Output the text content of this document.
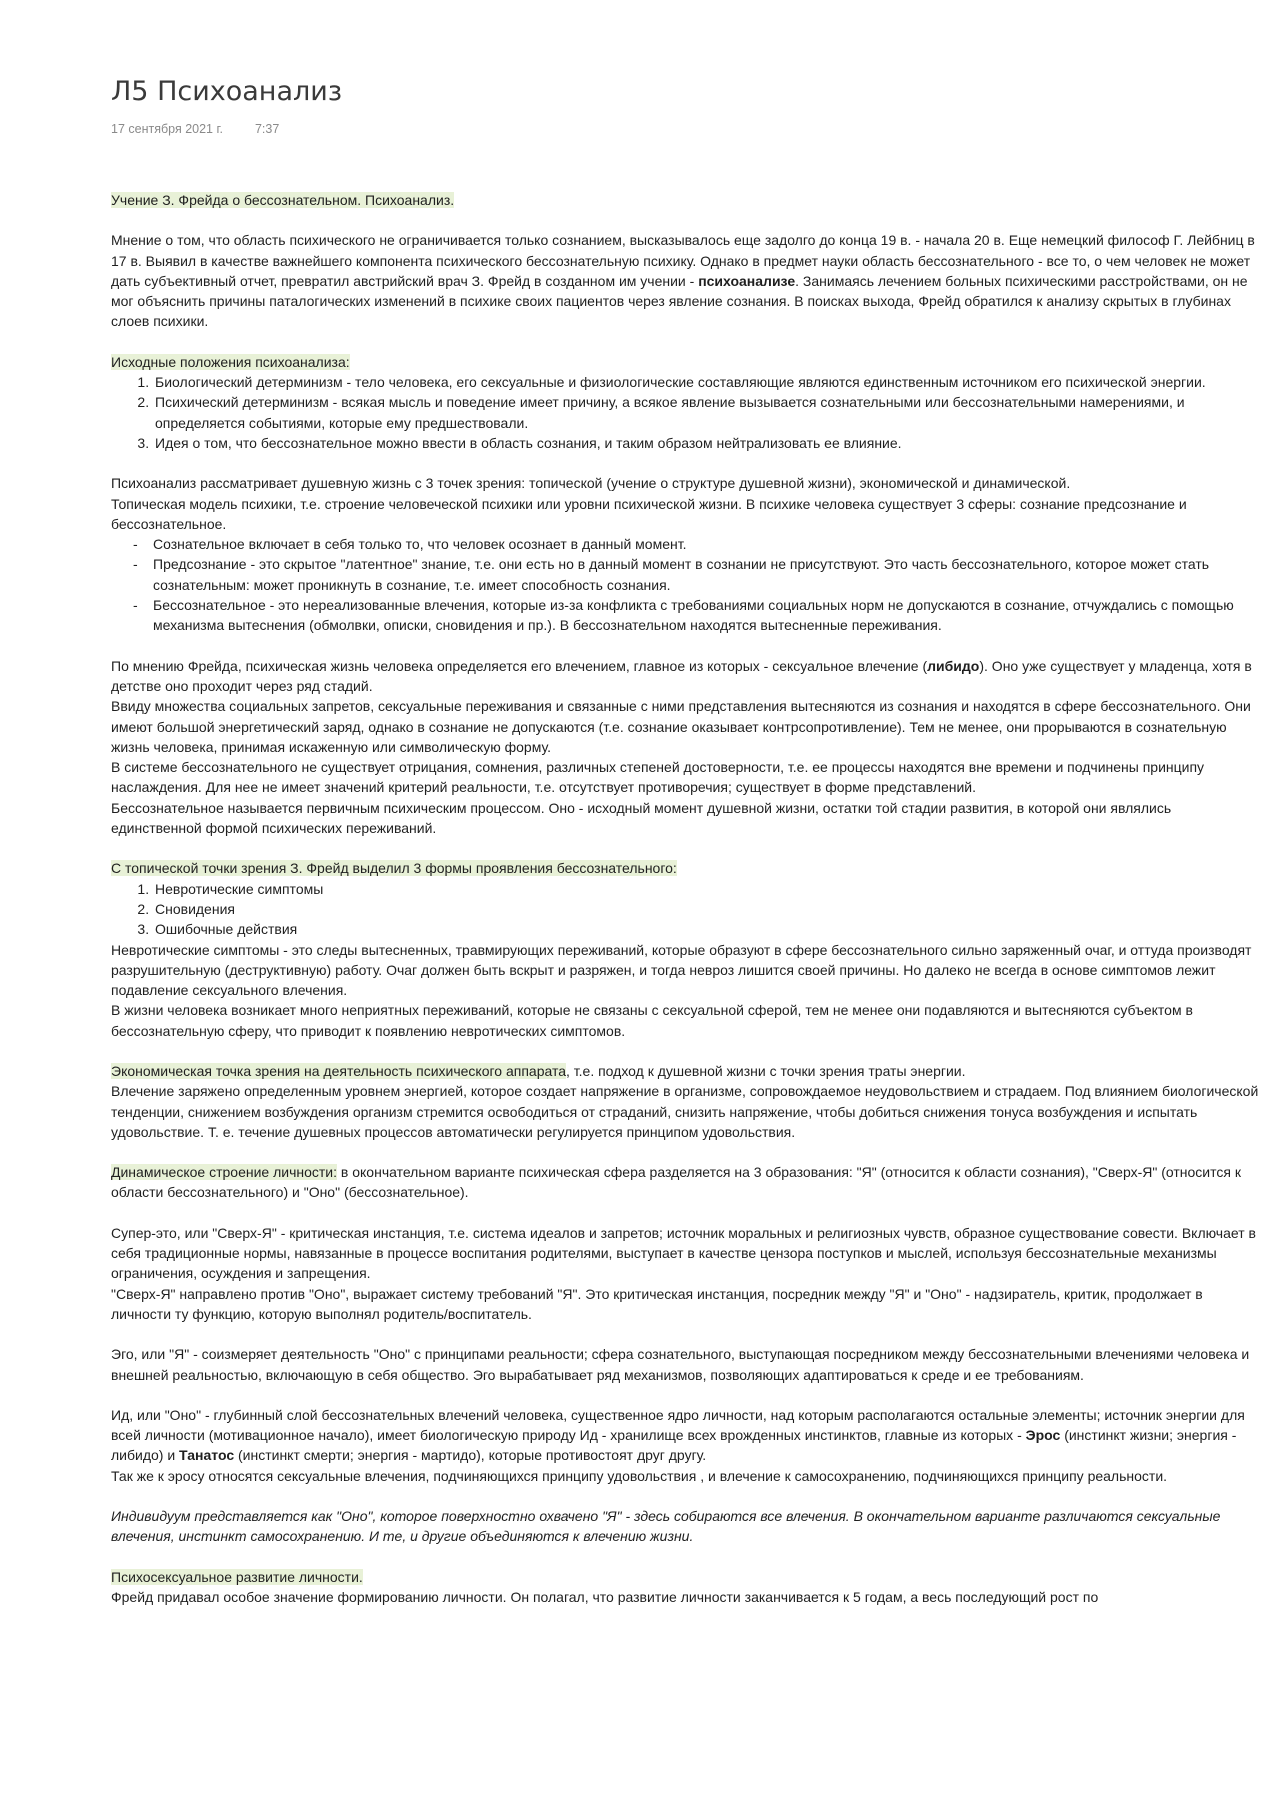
Л5 Психоанализ
17 сентября 2021 г.	7:37

Учение З. Фрейда о бессознательном. Психоанализ.

Мнение о том, что область психического не ограничивается только сознанием, высказывалось еще задолго до конца 19 в. - начала 20 в. Еще немецкий философ Г. Лейбниц в 17 в. Выявил в качестве важнейшего компонента психического бессознательную психику. Однако в предмет науки область бессознательного - все то, о чем человек не может дать субъективный отчет, превратил австрийский врач З. Фрейд в созданном им учении - психоанализе. Занимаясь лечением больных психическими расстройствами, он не мог объяснить причины паталогических изменений в психике своих пациентов через явление сознания. В поисках выхода, Фрейд обратился к анализу скрытых в глубинах слоев психики.

Исходные положения психоанализа:

1. Биологический детерминизм - тело человека, его сексуальные и физиологические составляющие являются единственным источником его психической энергии.
2. Психический детерминизм - всякая мысль и поведение имеет причину, а всякое явление вызывается сознательными или бессознательными намерениями, и определяется событиями, которые ему предшествовали.
3. Идея о том, что бессознательное можно ввести в область сознания, и таким образом нейтрализовать ее влияние.

Психоанализ рассматривает душевную жизнь с 3 точек зрения: топической (учение о структуре душевной жизни), экономической и динамической.

Топическая модель психики, т.е. строение человеческой психики или уровни психической жизни. В психике человека существует 3 сферы: сознание предсознание и бессознательное.

- Сознательное включает в себя только то, что человек осознает в данный момент.
- Предсознание - это скрытое "латентное" знание, т.е. они есть но в данный момент в сознании не присутствуют. Это часть бессознательного, которое может стать сознательным: может проникнуть в сознание, т.е. имеет способность сознания.
- Бессознательное - это нереализованные влечения, которые из-за конфликта с требованиями социальных норм не допускаются в сознание, отчуждались с помощью механизма вытеснения (обмолвки, описки, сновидения и пр.). В бессознательном находятся вытесненные переживания.

По мнению Фрейда, психическая жизнь человека определяется его влечением, главное из которых - сексуальное влечение (либидо). Оно уже существует у младенца, хотя в детстве оно проходит через ряд стадий.

Ввиду множества социальных запретов, сексуальные переживания и связанные с ними представления вытесняются из сознания и находятся в сфере бессознательного. Они имеют большой энергетический заряд, однако в сознание не допускаются (т.е. сознание оказывает контрсопротивление). Тем не менее, они прорываются в сознательную жизнь человека, принимая искаженную или символическую форму.

В системе бессознательного не существует отрицания, сомнения, различных степеней достоверности, т.е. ее процессы находятся вне времени и подчинены принципу наслаждения. Для нее не имеет значений критерий реальности, т.е. отсутствует противоречия; существует в форме представлений.

Бессознательное называется первичным психическим процессом. Оно - исходный момент душевной жизни, остатки той стадии развития, в которой они являлись единственной формой психических переживаний.

С топической точки зрения З. Фрейд выделил 3 формы проявления бессознательного:

1. Невротические симптомы
2. Сновидения
3. Ошибочные действия

Невротические симптомы - это следы вытесненных, травмирующих переживаний, которые образуют в сфере бессознательного сильно заряженный очаг, и оттуда производят разрушительную (деструктивную) работу. Очаг должен быть вскрыт и разряжен, и тогда невроз лишится своей причины. Но далеко не всегда в основе симптомов лежит подавление сексуального влечения.

В жизни человека возникает много неприятных переживаний, которые не связаны с сексуальной сферой, тем не менее они подавляются и вытесняются субъектом в бессознательную сферу, что приводит к появлению невротических симптомов.

Экономическая точка зрения на деятельность психического аппарата, т.е. подход к душевной жизни с точки зрения траты энергии.

Влечение заряжено определенным уровнем энергией, которое создает напряжение в организме, сопровождаемое неудовольствием и страдаем. Под влиянием биологической тенденции, снижением возбуждения организм стремится освободиться от страданий, снизить напряжение, чтобы добиться снижения тонуса возбуждения и испытать удовольствие. Т. е. течение душевных процессов автоматически регулируется принципом удовольствия.

Динамическое строение личности: в окончательном варианте психическая сфера разделяется на 3 образования: "Я" (относится к области сознания), "Сверх-Я" (относится к области бессознательного) и "Оно" (бессознательное).

Супер-это, или "Сверх-Я" - критическая инстанция, т.е. система идеалов и запретов; источник моральных и религиозных чувств, образное существование совести. Включает в себя традиционные нормы, навязанные в процессе воспитания родителями, выступает в качестве цензора поступков и мыслей, используя бессознательные механизмы ограничения, осуждения и запрещения.

"Сверх-Я" направлено против "Оно", выражает систему требований "Я". Это критическая инстанция, посредник между "Я" и "Оно" - надзиратель, критик, продолжает в личности ту функцию, которую выполнял родитель/воспитатель.

Эго, или "Я" - соизмеряет деятельность "Оно" с принципами реальности; сфера сознательного, выступающая посредником между бессознательными влечениями человека и внешней реальностью, включающую в себя общество. Эго вырабатывает ряд механизмов, позволяющих адаптироваться к среде и ее требованиям.

Ид, или "Оно" - глубинный слой бессознательных влечений человека, существенное ядро личности, над которым располагаются остальные элементы; источник энергии для всей личности (мотивационное начало), имеет биологическую природу Ид - хранилище всех врожденных инстинктов, главные из которых - Эрос (инстинкт жизни; энергия - либидо) и Танатос (инстинкт смерти; энергия - мартидо), которые противостоят друг другу.

Так же к эросу относятся сексуальные влечения, подчиняющихся принципу удовольствия , и влечение к самосохранению, подчиняющихся принципу реальности.

Индивидуум представляется как "Оно", которое поверхностно охвачено "Я" - здесь собираются все влечения. В окончательном варианте различаются сексуальные влечения, инстинкт самосохранению. И те, и другие объединяются к влечению жизни.

Психосексуальное развитие личности.

Фрейд придавал особое значение формированию личности. Он полагал, что развитие личности заканчивается к 5 годам, а весь последующий рост по
